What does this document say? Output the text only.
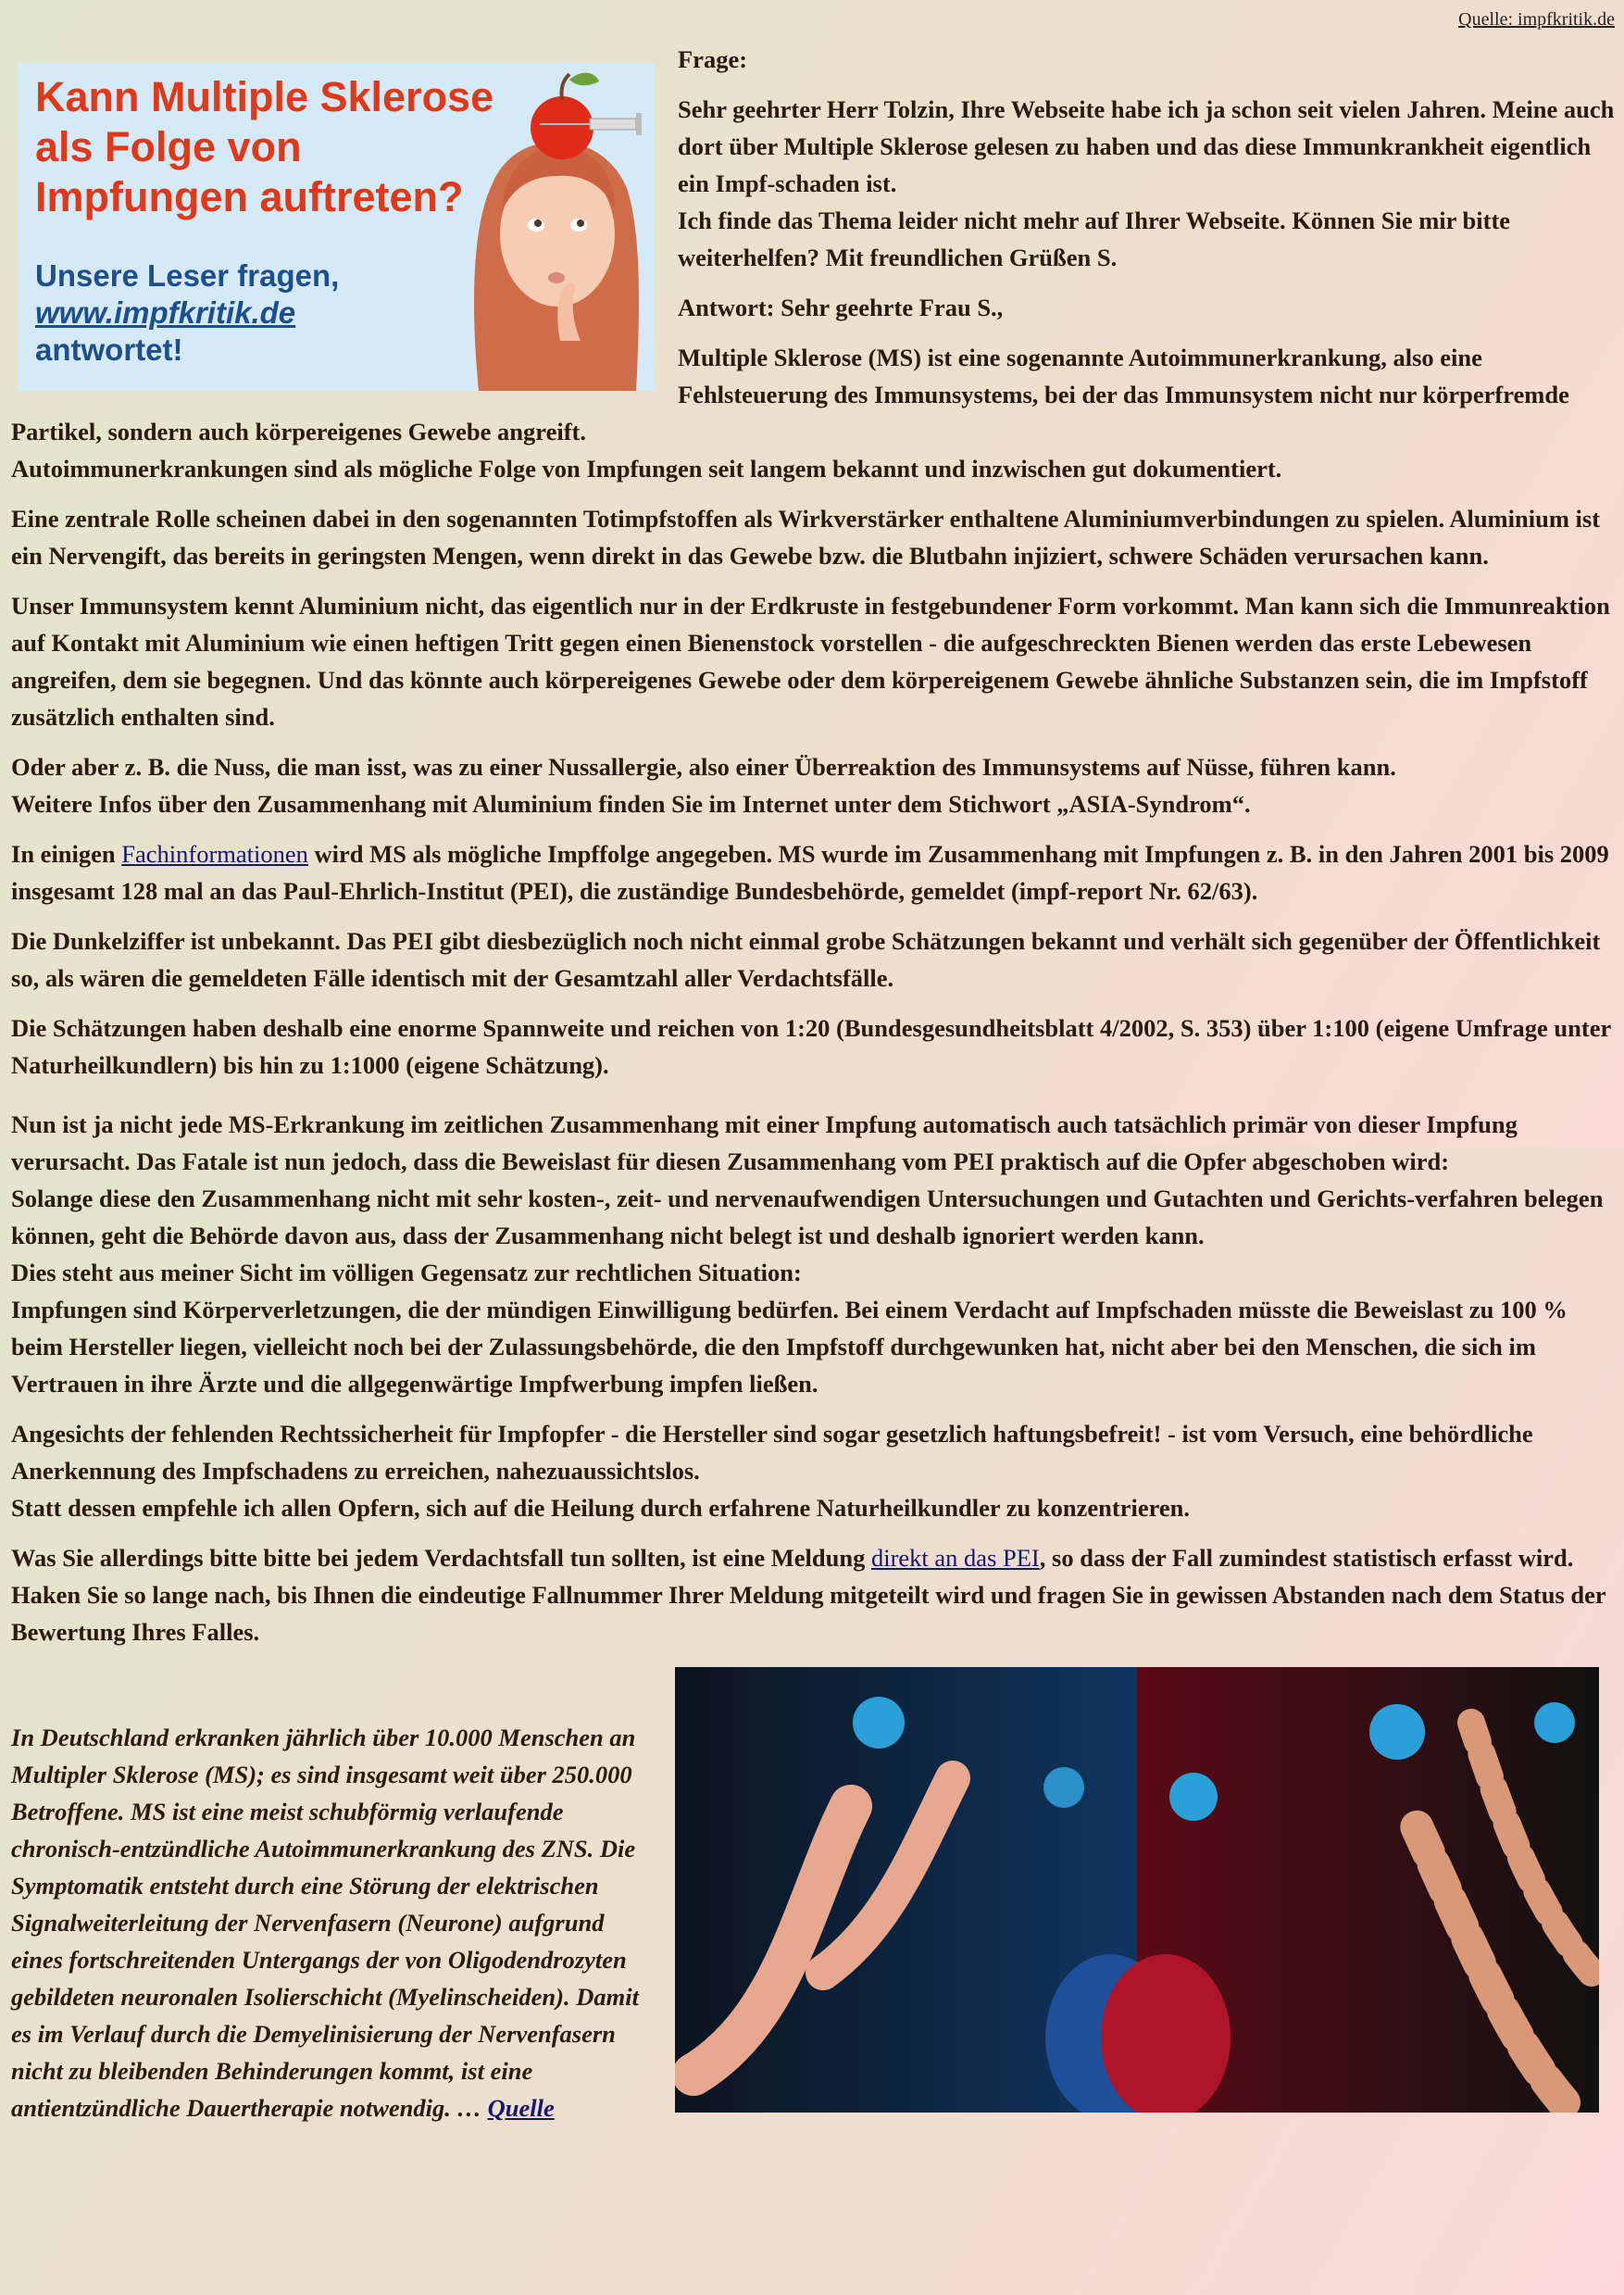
Quelle: impfkritik.de
Kann Multiple Sklerose
als Folge von
Impfungen auftreten?
Unsere Leser fragen,
www.impfkritik.de
antwortet!

Frage:

Sehr geehrter Herr Tolzin, Ihre Webseite habe ich ja schon seit vielen Jahren. Meine auch dort über Multiple Sklerose gelesen zu haben und das diese Immunkrankheit eigentlich ein Impf-schaden ist.
Ich finde das Thema leider nicht mehr auf Ihrer Webseite. Können Sie mir bitte weiterhelfen? Mit freundlichen Grüßen S.

Antwort: Sehr geehrte Frau S.,

Multiple Sklerose (MS) ist eine sogenannte Autoimmunerkrankung, also eine Fehlsteuerung des Immunsystems, bei der das Immunsystem nicht nur körperfremde Partikel, sondern auch körpereigenes Gewebe angreift.
Autoimmunerkrankungen sind als mögliche Folge von Impfungen seit langem bekannt und inzwischen gut dokumentiert.

Eine zentrale Rolle scheinen dabei in den sogenannten Totimpfstoffen als Wirkverstärker enthaltene Aluminiumverbindungen zu spielen. Aluminium ist ein Nervengift, das bereits in geringsten Mengen, wenn direkt in das Gewebe bzw. die Blutbahn injiziert, schwere Schäden verursachen kann.

Unser Immunsystem kennt Aluminium nicht, das eigentlich nur in der Erdkruste in festgebundener Form vorkommt. Man kann sich die Immunreaktion auf Kontakt mit Aluminium wie einen heftigen Tritt gegen einen Bienenstock vorstellen - die aufgeschreckten Bienen werden das erste Lebewesen angreifen, dem sie begegnen. Und das könnte auch körpereigenes Gewebe oder dem körpereigenem Gewebe ähnliche Substanzen sein, die im Impfstoff zusätzlich enthalten sind.

Oder aber z. B. die Nuss, die man isst, was zu einer Nussallergie, also einer Überreaktion des Immunsystems auf Nüsse, führen kann.
Weitere Infos über den Zusammenhang mit Aluminium finden Sie im Internet unter dem Stichwort „ASIA-Syndrom“.

In einigen Fachinformationen wird MS als mögliche Impffolge angegeben. MS wurde im Zusammenhang mit Impfungen z. B. in den Jahren 2001 bis 2009 insgesamt 128 mal an das Paul-Ehrlich-Institut (PEI), die zuständige Bundesbehörde, gemeldet (impf-report Nr. 62/63).

Die Dunkelziffer ist unbekannt. Das PEI gibt diesbezüglich noch nicht einmal grobe Schätzungen bekannt und verhält sich gegenüber der Öffentlichkeit so, als wären die gemeldeten Fälle identisch mit der Gesamtzahl aller Verdachtsfälle.

Die Schätzungen haben deshalb eine enorme Spannweite und reichen von 1:20 (Bundesgesundheitsblatt 4/2002, S. 353) über 1:100 (eigene Umfrage unter Naturheilkundlern) bis hin zu 1:1000 (eigene Schätzung).

Nun ist ja nicht jede MS-Erkrankung im zeitlichen Zusammenhang mit einer Impfung automatisch auch tatsächlich primär von dieser Impfung verursacht. Das Fatale ist nun jedoch, dass die Beweislast für diesen Zusammenhang vom PEI praktisch auf die Opfer abgeschoben wird:
Solange diese den Zusammenhang nicht mit sehr kosten-, zeit- und nervenaufwendigen Untersuchungen und Gutachten und Gerichts-verfahren belegen können, geht die Behörde davon aus, dass der Zusammenhang nicht belegt ist und deshalb ignoriert werden kann.
Dies steht aus meiner Sicht im völligen Gegensatz zur rechtlichen Situation:
Impfungen sind Körperverletzungen, die der mündigen Einwilligung bedürfen. Bei einem Verdacht auf Impfschaden müsste die Beweislast zu 100 % beim Hersteller liegen, vielleicht noch bei der Zulassungsbehörde, die den Impfstoff durchgewunken hat, nicht aber bei den Menschen, die sich im Vertrauen in ihre Ärzte und die allgegenwärtige Impfwerbung impfen ließen.

Angesichts der fehlenden Rechtssicherheit für Impfopfer - die Hersteller sind sogar gesetzlich haftungsbefreit! - ist vom Versuch, eine behördliche Anerkennung des Impfschadens zu erreichen, nahezuaussichtslos.
Statt dessen empfehle ich allen Opfern, sich auf die Heilung durch erfahrene Naturheilkundler zu konzentrieren.

Was Sie allerdings bitte bitte bei jedem Verdachtsfall tun sollten, ist eine Meldung direkt an das PEI, so dass der Fall zumindest statistisch erfasst wird. Haken Sie so lange nach, bis Ihnen die eindeutige Fallnummer Ihrer Meldung mitgeteilt wird und fragen Sie in gewissen Abstanden nach dem Status der Bewertung Ihres Falles.

In Deutschland erkranken jährlich über 10.000 Menschen an Multipler Sklerose (MS); es sind insgesamt weit über 250.000 Betroffene. MS ist eine meist schubförmig verlaufende chronisch-entzündliche Autoimmunerkrankung des ZNS. Die Symptomatik entsteht durch eine Störung der elektrischen Signalweiterleitung der Nervenfasern (Neurone) aufgrund eines fortschreitenden Untergangs der von Oligodendrozyten gebildeten neuronalen Isolierschicht (Myelinscheiden). Damit es im Verlauf durch die Demyelinisierung der Nervenfasern nicht zu bleibenden Behinderungen kommt, ist eine antientzündliche Dauertherapie notwendig. … Quelle
